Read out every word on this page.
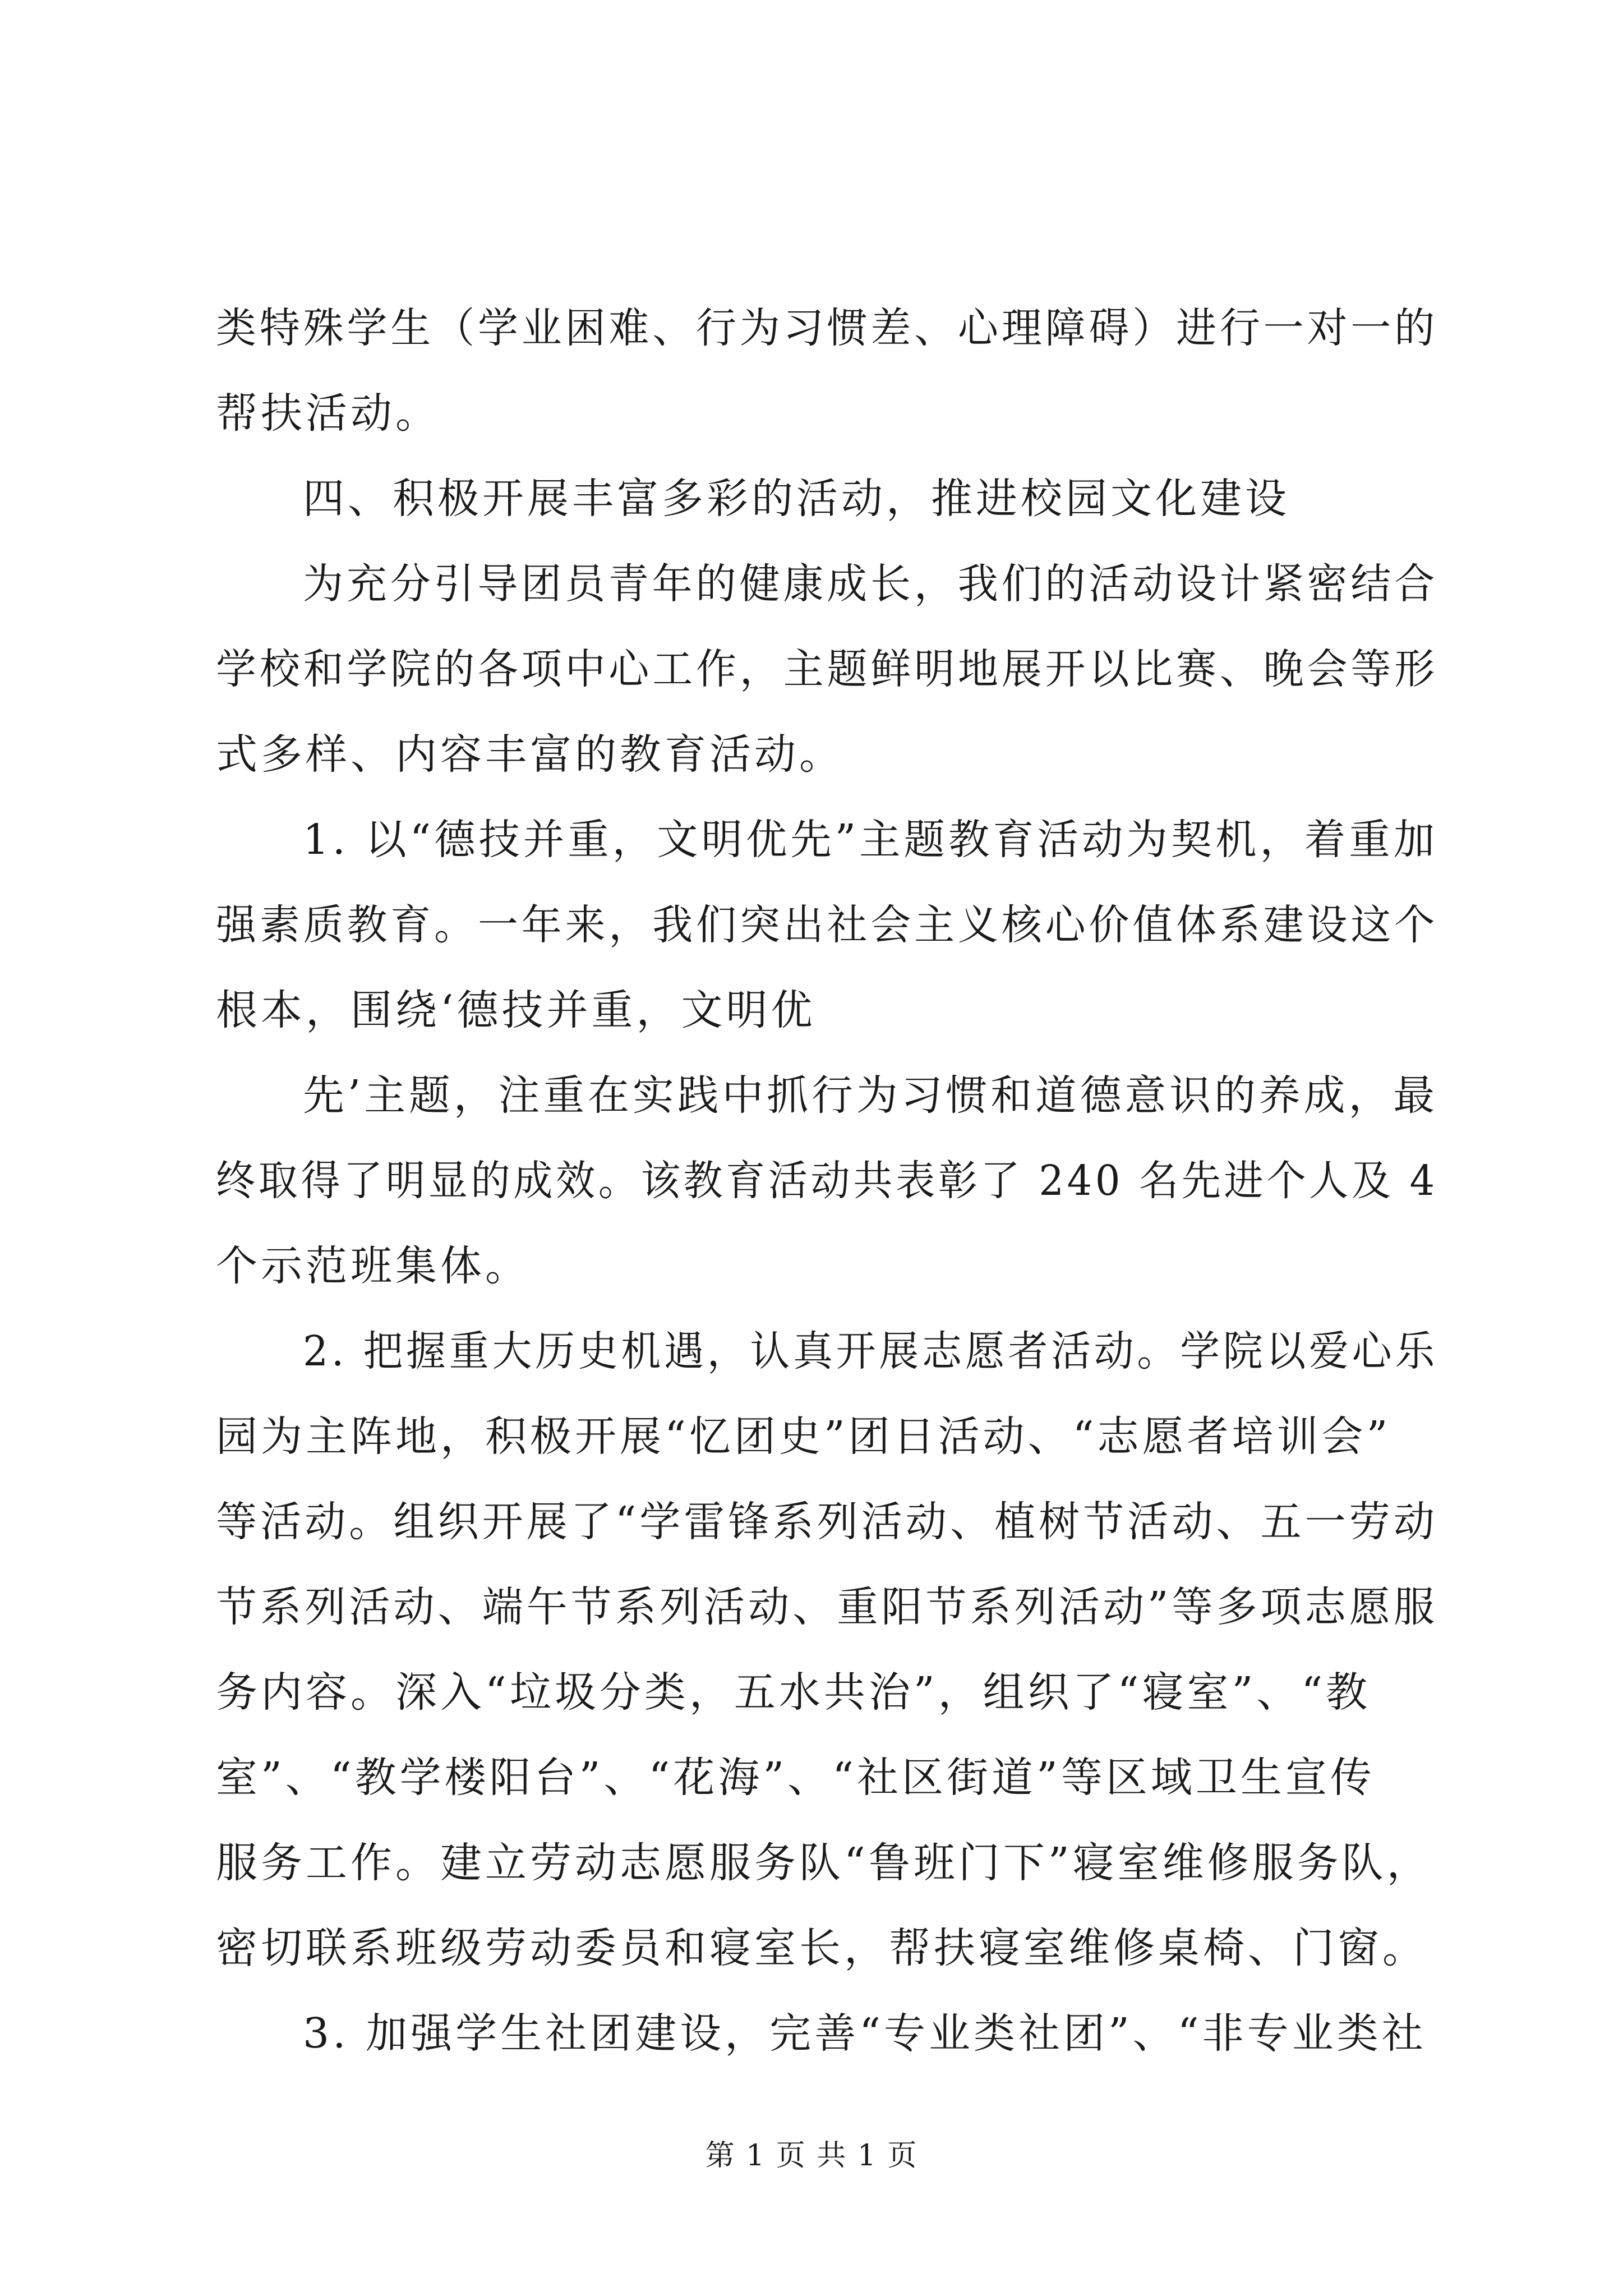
类特殊学生（学业困难、行为习惯差、心理障碍）进行一对一的
帮扶活动。
四、积极开展丰富多彩的活动，推进校园文化建设
为充分引导团员青年的健康成长，我们的活动设计紧密结合
学校和学院的各项中心工作，主题鲜明地展开以比赛、晚会等形
式多样、内容丰富的教育活动。
1. 以“德技并重，文明优先”主题教育活动为契机，着重加
强素质教育。一年来，我们突出社会主义核心价值体系建设这个
根本，围绕‘德技并重，文明优
先’主题，注重在实践中抓行为习惯和道德意识的养成，最
终取得了明显的成效。该教育活动共表彰了 240 名先进个人及 4
个示范班集体。
2. 把握重大历史机遇，认真开展志愿者活动。学院以爱心乐
园为主阵地，积极开展“忆团史”团日活动、“志愿者培训会”
等活动。组织开展了“学雷锋系列活动、植树节活动、五一劳动
节系列活动、端午节系列活动、重阳节系列活动”等多项志愿服
务内容。深入“垃圾分类，五水共治”，组织了“寝室”、“教
室”、“教学楼阳台”、“花海”、“社区街道”等区域卫生宣传
服务工作。建立劳动志愿服务队“鲁班门下”寝室维修服务队，
密切联系班级劳动委员和寝室长，帮扶寝室维修桌椅、门窗。
第 1 页 共 1 页
3. 加强学生社团建设，完善“专业类社团”、“非专业类社
